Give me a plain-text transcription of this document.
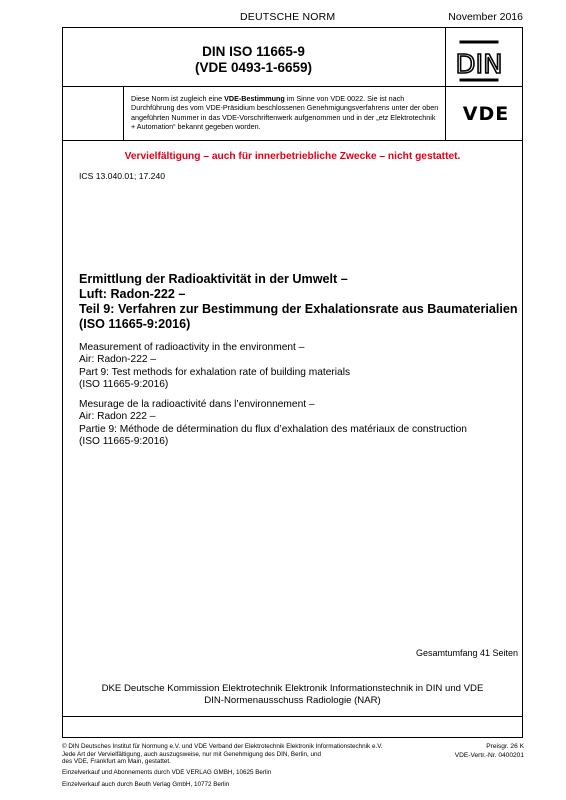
DEUTSCHE NORM	November 2016
DIN ISO 11665-9
(VDE 0493-1-6659)	DIN
Diese Norm ist zugleich eine VDE-Bestimmung im Sinne von VDE 0022. Sie ist nach Durchführung des vom VDE-Präsidium beschlossenen Genehmigungsverfahrens unter der oben angeführten Nummer in das VDE-Vorschriftenwerk aufgenommen und in der „etz Elektrotechnik + Automation“ bekannt gegeben worden.
VDE
Vervielfältigung – auch für innerbetriebliche Zwecke – nicht gestattet.
ICS 13.040.01; 17.240
Ermittlung der Radioaktivität in der Umwelt –
Luft: Radon-222 –
Teil 9: Verfahren zur Bestimmung der Exhalationsrate aus Baumaterialien
(ISO 11665-9:2016)
Measurement of radioactivity in the environment –
Air: Radon-222 –
Part 9: Test methods for exhalation rate of building materials
(ISO 11665-9:2016)
Mesurage de la radioactivité dans l’environnement –
Air: Radon 222 –
Partie 9: Méthode de détermination du flux d’exhalation des matériaux de construction
(ISO 11665-9:2016)
Gesamtumfang 41 Seiten
DKE Deutsche Kommission Elektrotechnik Elektronik Informationstechnik in DIN und VDE
DIN-Normenausschuss Radiologie (NAR)
© DIN Deutsches Institut für Normung e.V. und VDE Verband der Elektrotechnik Elektronik Informationstechnik e.V.
Jede Art der Vervielfältigung, auch auszugsweise, nur mit Genehmigung des DIN, Berlin, und
des VDE, Frankfurt am Main, gestattet.
Preisgr. 26 K
VDE-Vertr.-Nr. 0400201
Einzelverkauf und Abonnements durch VDE VERLAG GMBH, 10625 Berlin
Einzelverkauf auch durch Beuth Verlag GmbH, 10772 Berlin
